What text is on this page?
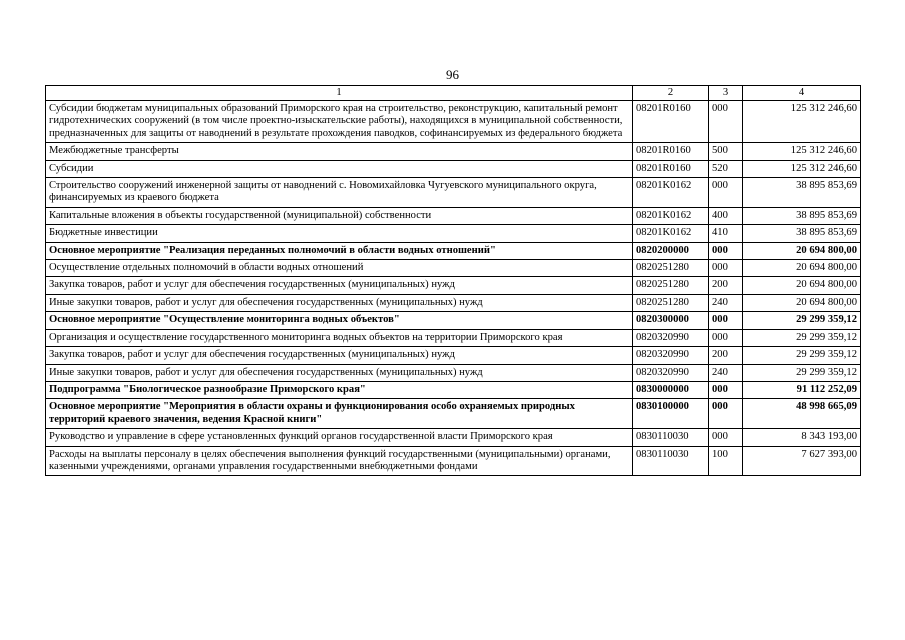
96
1	2	3	4
Субсидии бюджетам муниципальных образований Приморского края на строительство, реконструкцию, капитальный ремонт гидротехнических сооружений (в том числе проектно-изыскательские работы), находящихся в муниципальной собственности, предназначенных для защиты от наводнений в результате прохождения паводков, софинансируемых из федерального бюджета	08201R0160	000	125 312 246,60
Межбюджетные трансферты	08201R0160	500	125 312 246,60
Субсидии	08201R0160	520	125 312 246,60
Строительство сооружений инженерной защиты от наводнений с. Новомихайловка Чугуевского муниципального округа, финансируемых из краевого бюджета	08201K0162	000	38 895 853,69
Капитальные вложения в объекты государственной (муниципальной) собственности	08201K0162	400	38 895 853,69
Бюджетные инвестиции	08201K0162	410	38 895 853,69
Основное мероприятие "Реализация переданных полномочий в области водных отношений"	0820200000	000	20 694 800,00
Осуществление отдельных полномочий в области водных отношений	0820251280	000	20 694 800,00
Закупка товаров, работ и услуг для обеспечения государственных (муниципальных) нужд	0820251280	200	20 694 800,00
Иные закупки товаров, работ и услуг для обеспечения государственных (муниципальных) нужд	0820251280	240	20 694 800,00
Основное мероприятие "Осуществление мониторинга водных объектов"	0820300000	000	29 299 359,12
Организация и осуществление государственного мониторинга водных объектов на территории Приморского края	0820320990	000	29 299 359,12
Закупка товаров, работ и услуг для обеспечения государственных (муниципальных) нужд	0820320990	200	29 299 359,12
Иные закупки товаров, работ и услуг для обеспечения государственных (муниципальных) нужд	0820320990	240	29 299 359,12
Подпрограмма "Биологическое разнообразие Приморского края"	0830000000	000	91 112 252,09
Основное мероприятие "Мероприятия в области охраны и функционирования особо охраняемых природных территорий краевого значения, ведения Красной книги"	0830100000	000	48 998 665,09
Руководство и управление в сфере установленных функций органов государственной власти Приморского края	0830110030	000	8 343 193,00
Расходы на выплаты персоналу в целях обеспечения выполнения функций государственными (муниципальными) органами, казенными учреждениями, органами управления государственными внебюджетными фондами	0830110030	100	7 627 393,00
